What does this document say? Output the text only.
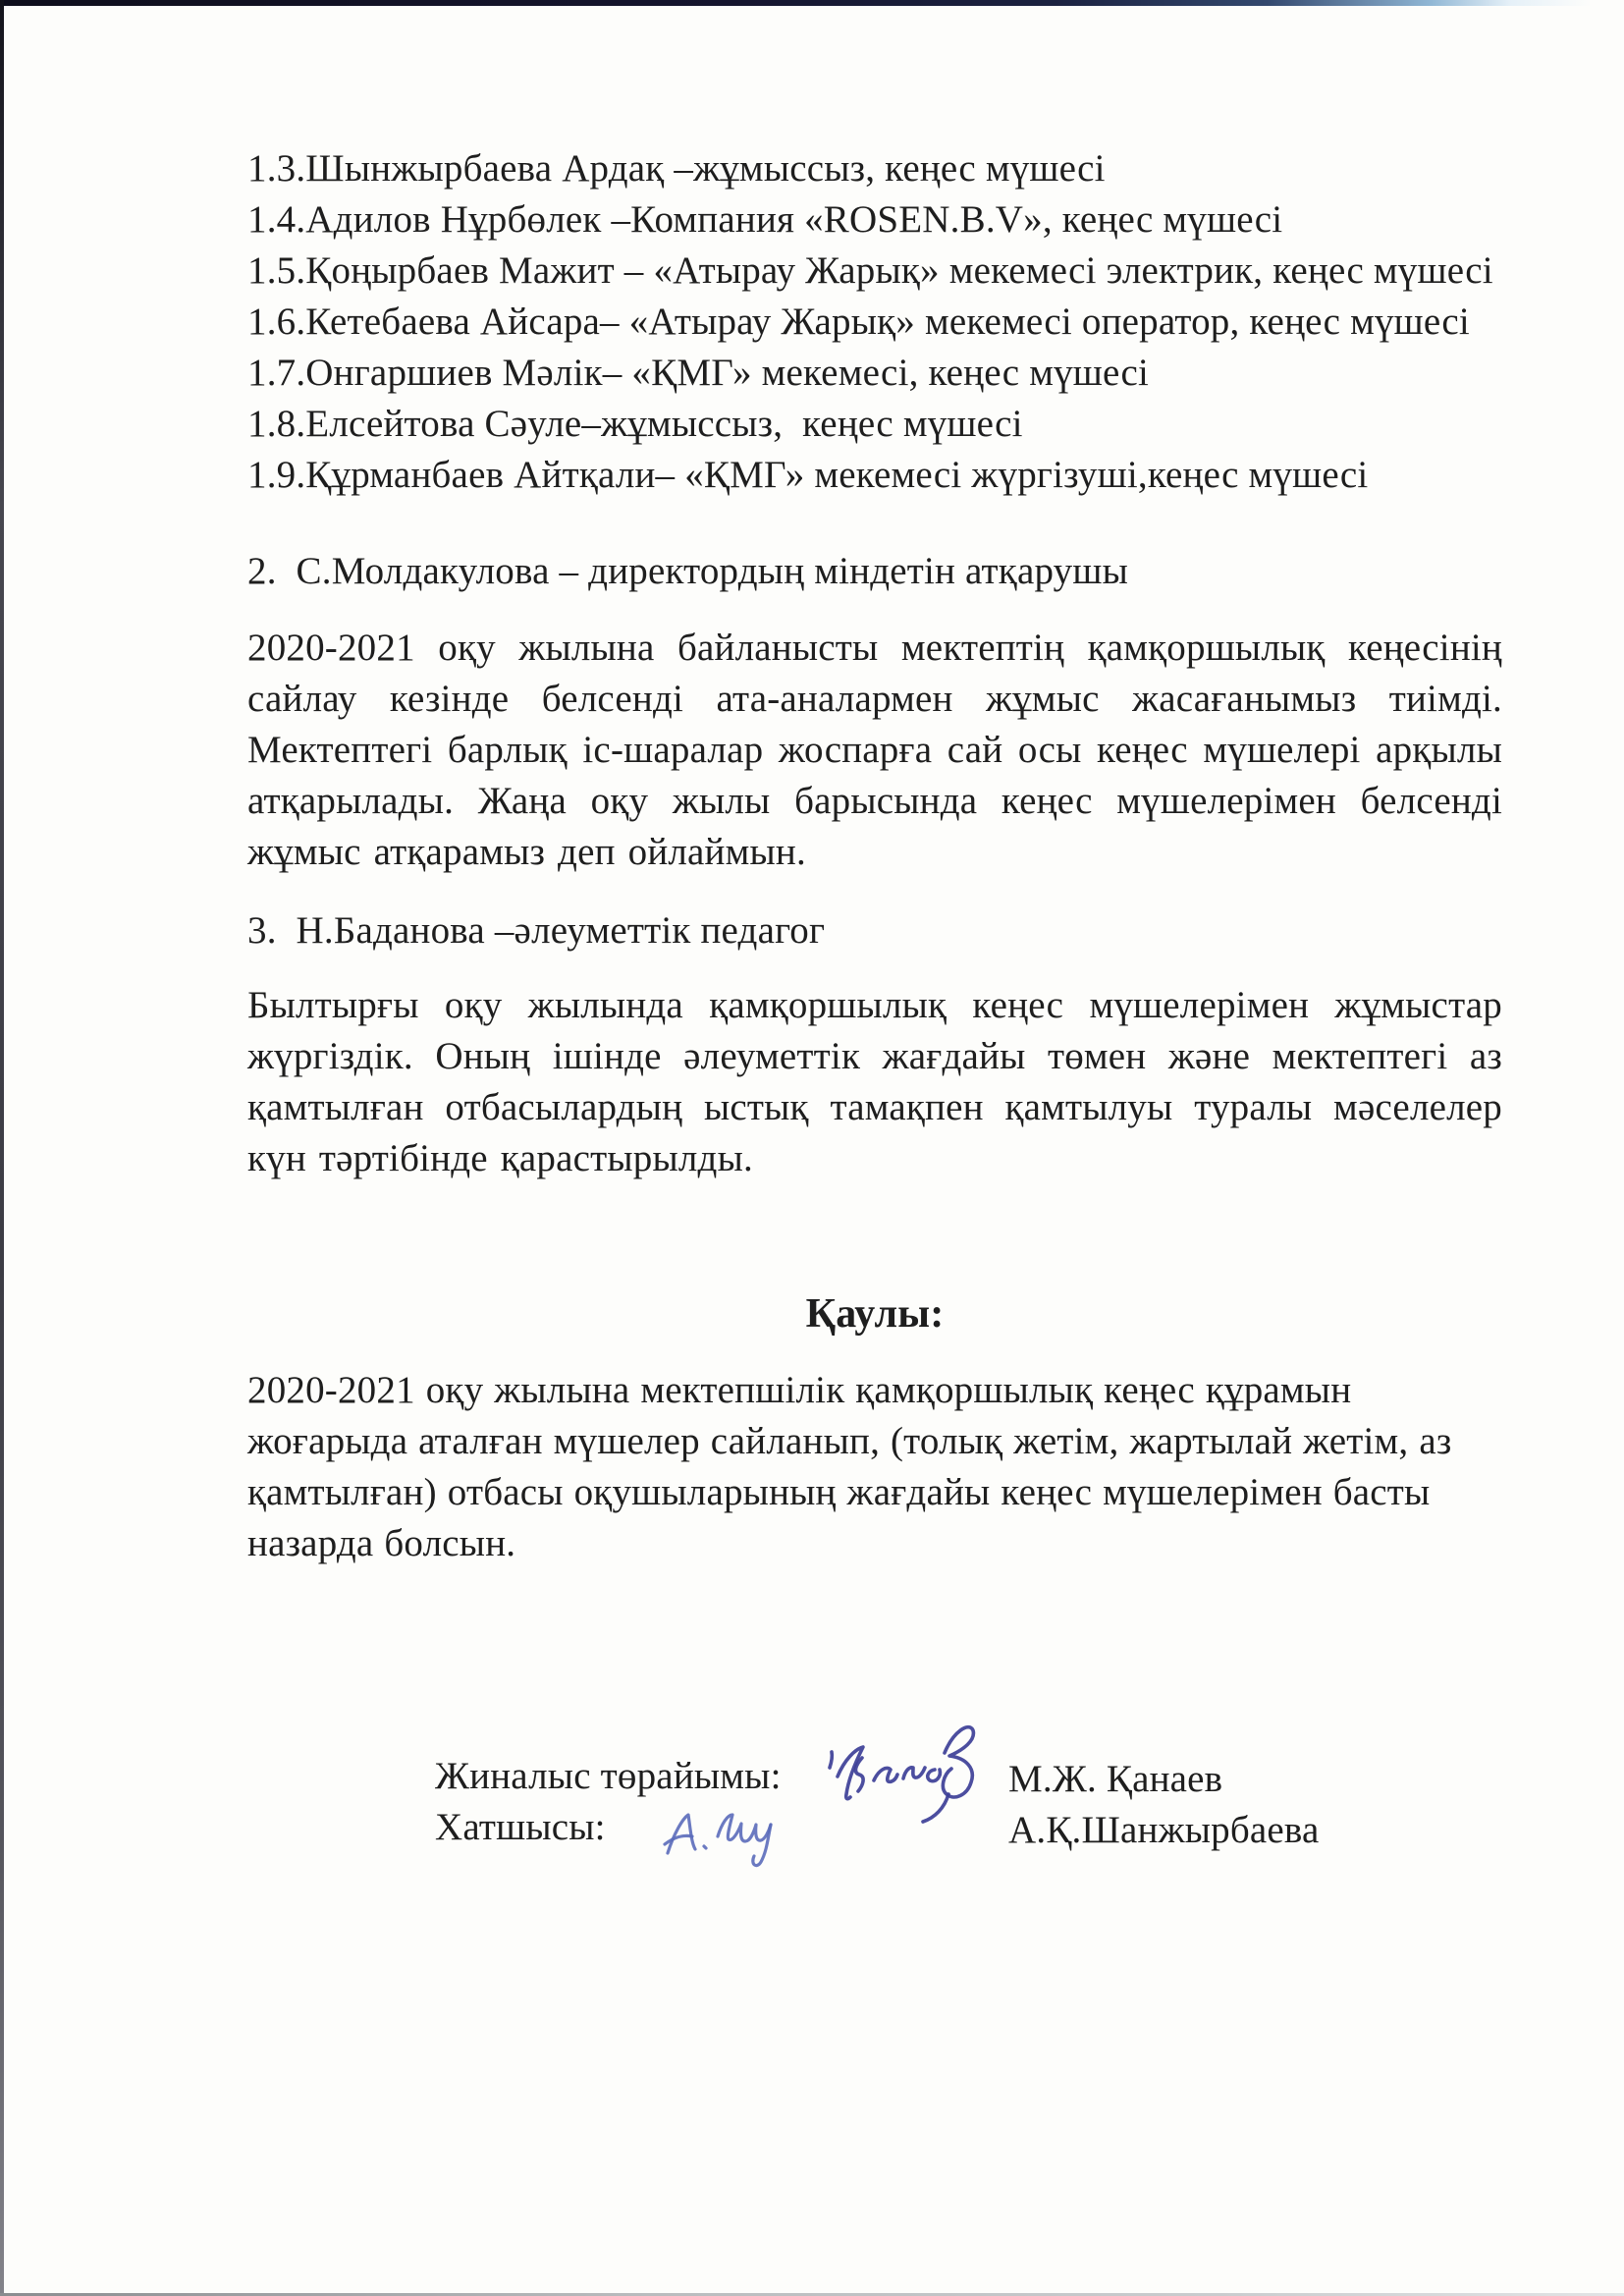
1.3.Шынжырбаева Ардақ –жұмыссыз, кеңес мүшесі
1.4.Адилов Нұрбөлек –Компания «ROSEN.B.V», кеңес мүшесі
1.5.Қоңырбаев Мажит – «Атырау Жарық» мекемесі электрик, кеңес мүшесі
1.6.Кетебаева Айсара– «Атырау Жарық» мекемесі оператор, кеңес мүшесі
1.7.Онгаршиев Мәлік– «ҚМГ» мекемесі, кеңес мүшесі
1.8.Елсейтова Сәуле–жұмыссыз,  кеңес мүшесі
1.9.Құрманбаев Айтқали– «ҚМГ» мекемесі жүргізуші,кеңес мүшесі
2.  С.Молдакулова – директордың міндетін атқарушы
2020-2021 оқу жылына байланысты мектептің қамқоршылық кеңесінің сайлау кезінде белсенді ата-аналармен жұмыс жасағанымыз тиімді. Мектептегі барлық іс-шаралар жоспарға сай осы кеңес мүшелері арқылы атқарылады. Жаңа оқу жылы барысында кеңес мүшелерімен белсенді жұмыс атқарамыз деп ойлаймын.
3.  Н.Баданова –әлеуметтік педагог
Былтырғы оқу жылында қамқоршылық кеңес мүшелерімен жұмыстар жүргіздік. Оның ішінде әлеуметтік жағдайы төмен және мектептегі аз қамтылған отбасылардың ыстық тамақпен қамтылуы туралы мәселелер күн тәртібінде қарастырылды.
Қаулы:
2020-2021 оқу жылына мектепшілік қамқоршылық кеңес құрамын жоғарыда аталған мүшелер сайланып, (толық жетім, жартылай жетім, аз қамтылған) отбасы оқушыларының жағдайы кеңес мүшелерімен басты назарда болсын.
Жиналыс төрайымы:
Хатшысы:
М.Ж. Қанаев
А.Қ.Шанжырбаева
